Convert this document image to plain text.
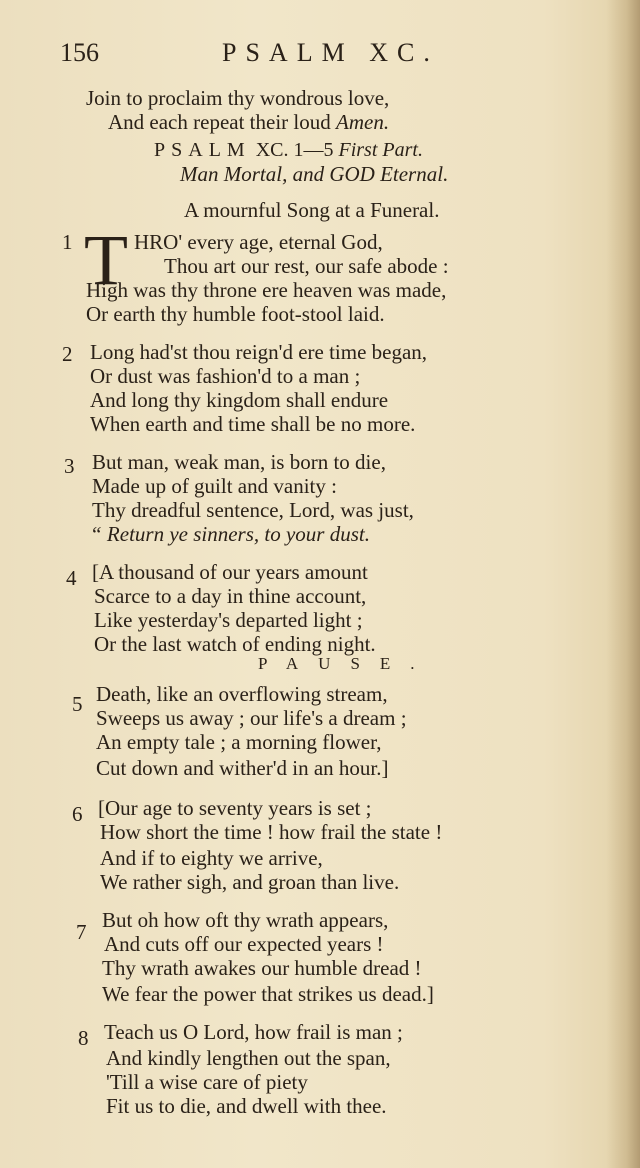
156	PSALM XC.
Join to proclaim thy wondrous love,
And each repeat their loud Amen.
PSALM XC. 1—5 First Part.
Man Mortal, and GOD Eternal.
A mournful Song at a Funeral.
1 T HRO' every age, eternal God,
Thou art our rest, our safe abode :
High was thy throne ere heaven was made,
Or earth thy humble foot-stool laid.
2 Long had'st thou reign'd ere time began,
Or dust was fashion'd to a man ;
And long thy kingdom shall endure
When earth and time shall be no more.
3 But man, weak man, is born to die,
Made up of guilt and vanity :
Thy dreadful sentence, Lord, was just,
“ Return ye sinners, to your dust.
4 [A thousand of our years amount
Scarce to a day in thine account,
Like yesterday's departed light ;
Or the last watch of ending night.
PAUSE.
5 Death, like an overflowing stream,
Sweeps us away ; our life's a dream ;
An empty tale ; a morning flower,
Cut down and wither'd in an hour.]
6 [Our age to seventy years is set ;
How short the time ! how frail the state !
And if to eighty we arrive,
We rather sigh, and groan than live.
7 But oh how oft thy wrath appears,
And cuts off our expected years !
Thy wrath awakes our humble dread !
We fear the power that strikes us dead.]
8 Teach us O Lord, how frail is man ;
And kindly lengthen out the span,
'Till a wise care of piety
Fit us to die, and dwell with thee.
